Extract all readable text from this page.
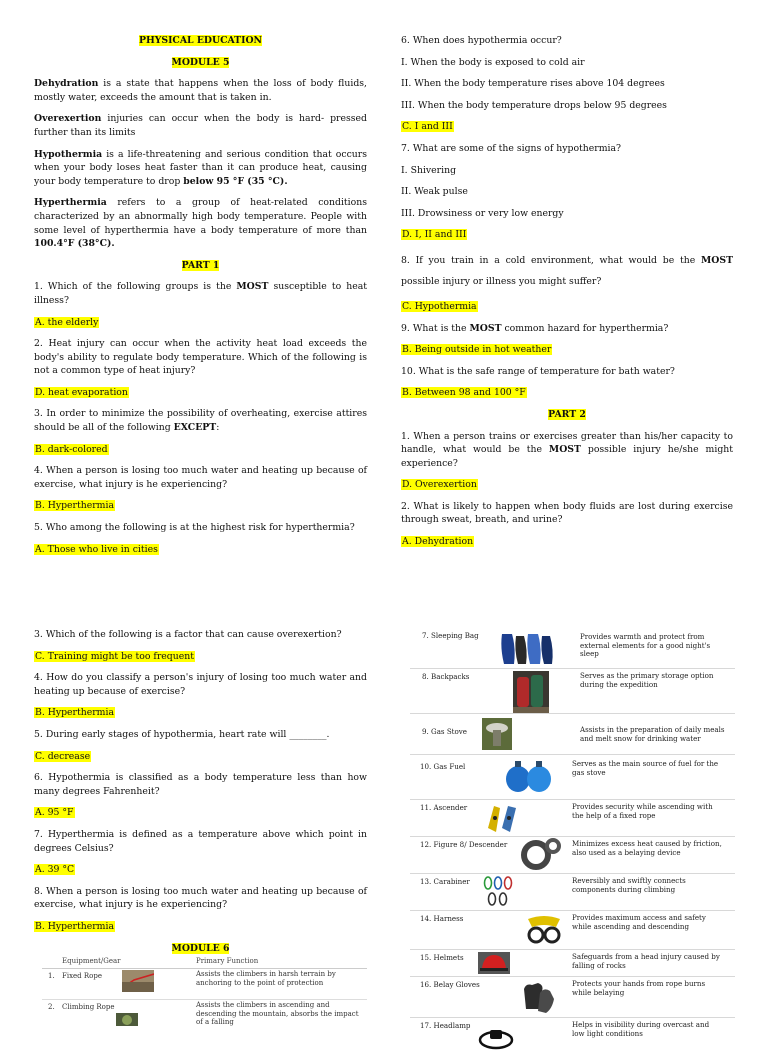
PHYSICAL EDUCATION
MODULE 5

Dehydration is a state that happens when the loss of body fluids, mostly water, exceeds the amount that is taken in.

Overexertion injuries can occur when the body is hard- pressed further than its limits

Hypothermia is a life-threatening and serious condition that occurs when your body loses heat faster than it can produce heat, causing your body temperature to drop below 95 °F (35 °C).

Hyperthermia refers to a group of heat-related conditions characterized by an abnormally high body temperature. People with some level of hyperthermia have a body temperature of more than 100.4°F (38°C).

PART 1
1. Which of the following groups is the MOST susceptible to heat illness?
A. the elderly
2. Heat injury can occur when the activity heat load exceeds the body's ability to regulate body temperature. Which of the following is not a common type of heat injury?
D. heat evaporation
3. In order to minimize the possibility of overheating, exercise attires should be all of the following EXCEPT:
B. dark-colored
4. When a person is losing too much water and heating up because of exercise, what injury is he experiencing?
B. Hyperthermia
5. Who among the following is at the highest risk for hyperthermia?
A. Those who live in cities
6. When does hypothermia occur?
I. When the body is exposed to cold air
II. When the body temperature rises above 104 degrees
III. When the body temperature drops below 95 degrees
C. I and III
7. What are some of the signs of hypothermia?
I. Shivering
II. Weak pulse
III. Drowsiness or very low energy
D. I, II and III
8. If you train in a cold environment, what would be the MOST possible injury or illness you might suffer?
C. Hypothermia
9. What is the MOST common hazard for hyperthermia?
B. Being outside in hot weather
10. What is the safe range of temperature for bath water?
B. Between 98 and 100 °F
PART 2
1. When a person trains or exercises greater than his/her capacity to handle, what would be the MOST possible injury he/she might experience?
D. Overexertion
2. What is likely to happen when body fluids are lost during exercise through sweat, breath, and urine?
A. Dehydration
3. Which of the following is a factor that can cause overexertion?
C. Training might be too frequent
4. How do you classify a person's injury of losing too much water and heating up because of exercise?
B. Hyperthermia
5. During early stages of hypothermia, heart rate will ________.
C. decrease
6. Hypothermia is classified as a body temperature less than how many degrees Fahrenheit?
A. 95 °F
7. Hyperthermia is defined as a temperature above which point in degrees Celsius?
A. 39 °C
8. When a person is losing too much water and heating up because of exercise, what injury is he experiencing?
B. Hyperthermia
MODULE 6
Equipment/Gear	Primary Function
1. Fixed Rope	Assists the climbers in harsh terrain by anchoring to the point of protection
2. Climbing Rope	Assists the climbers in ascending and descending the mountain, absorbs the impact of a falling
7. Sleeping Bag	Provides warmth and protect from external elements for a good night's sleep
8. Backpacks	Serves as the primary storage option during the expedition
9. Gas Stove	Assists in the preparation of daily meals and melt snow for drinking water
10. Gas Fuel	Serves as the main source of fuel for the gas stove
11. Ascender	Provides security while ascending with the help of a fixed rope
12. Figure 8/ Descender	Minimizes excess heat caused by friction, also used as a belaying device
13. Carabiner	Reversibly and swiftly connects components during climbing
14. Harness	Provides maximum access and safety while ascending and descending
15. Helmets	Safeguards from a head injury caused by falling of rocks
16. Belay Gloves	Protects your hands from rope burns while belaying
17. Headlamp	Helps in visibility during overcast and low light conditions
